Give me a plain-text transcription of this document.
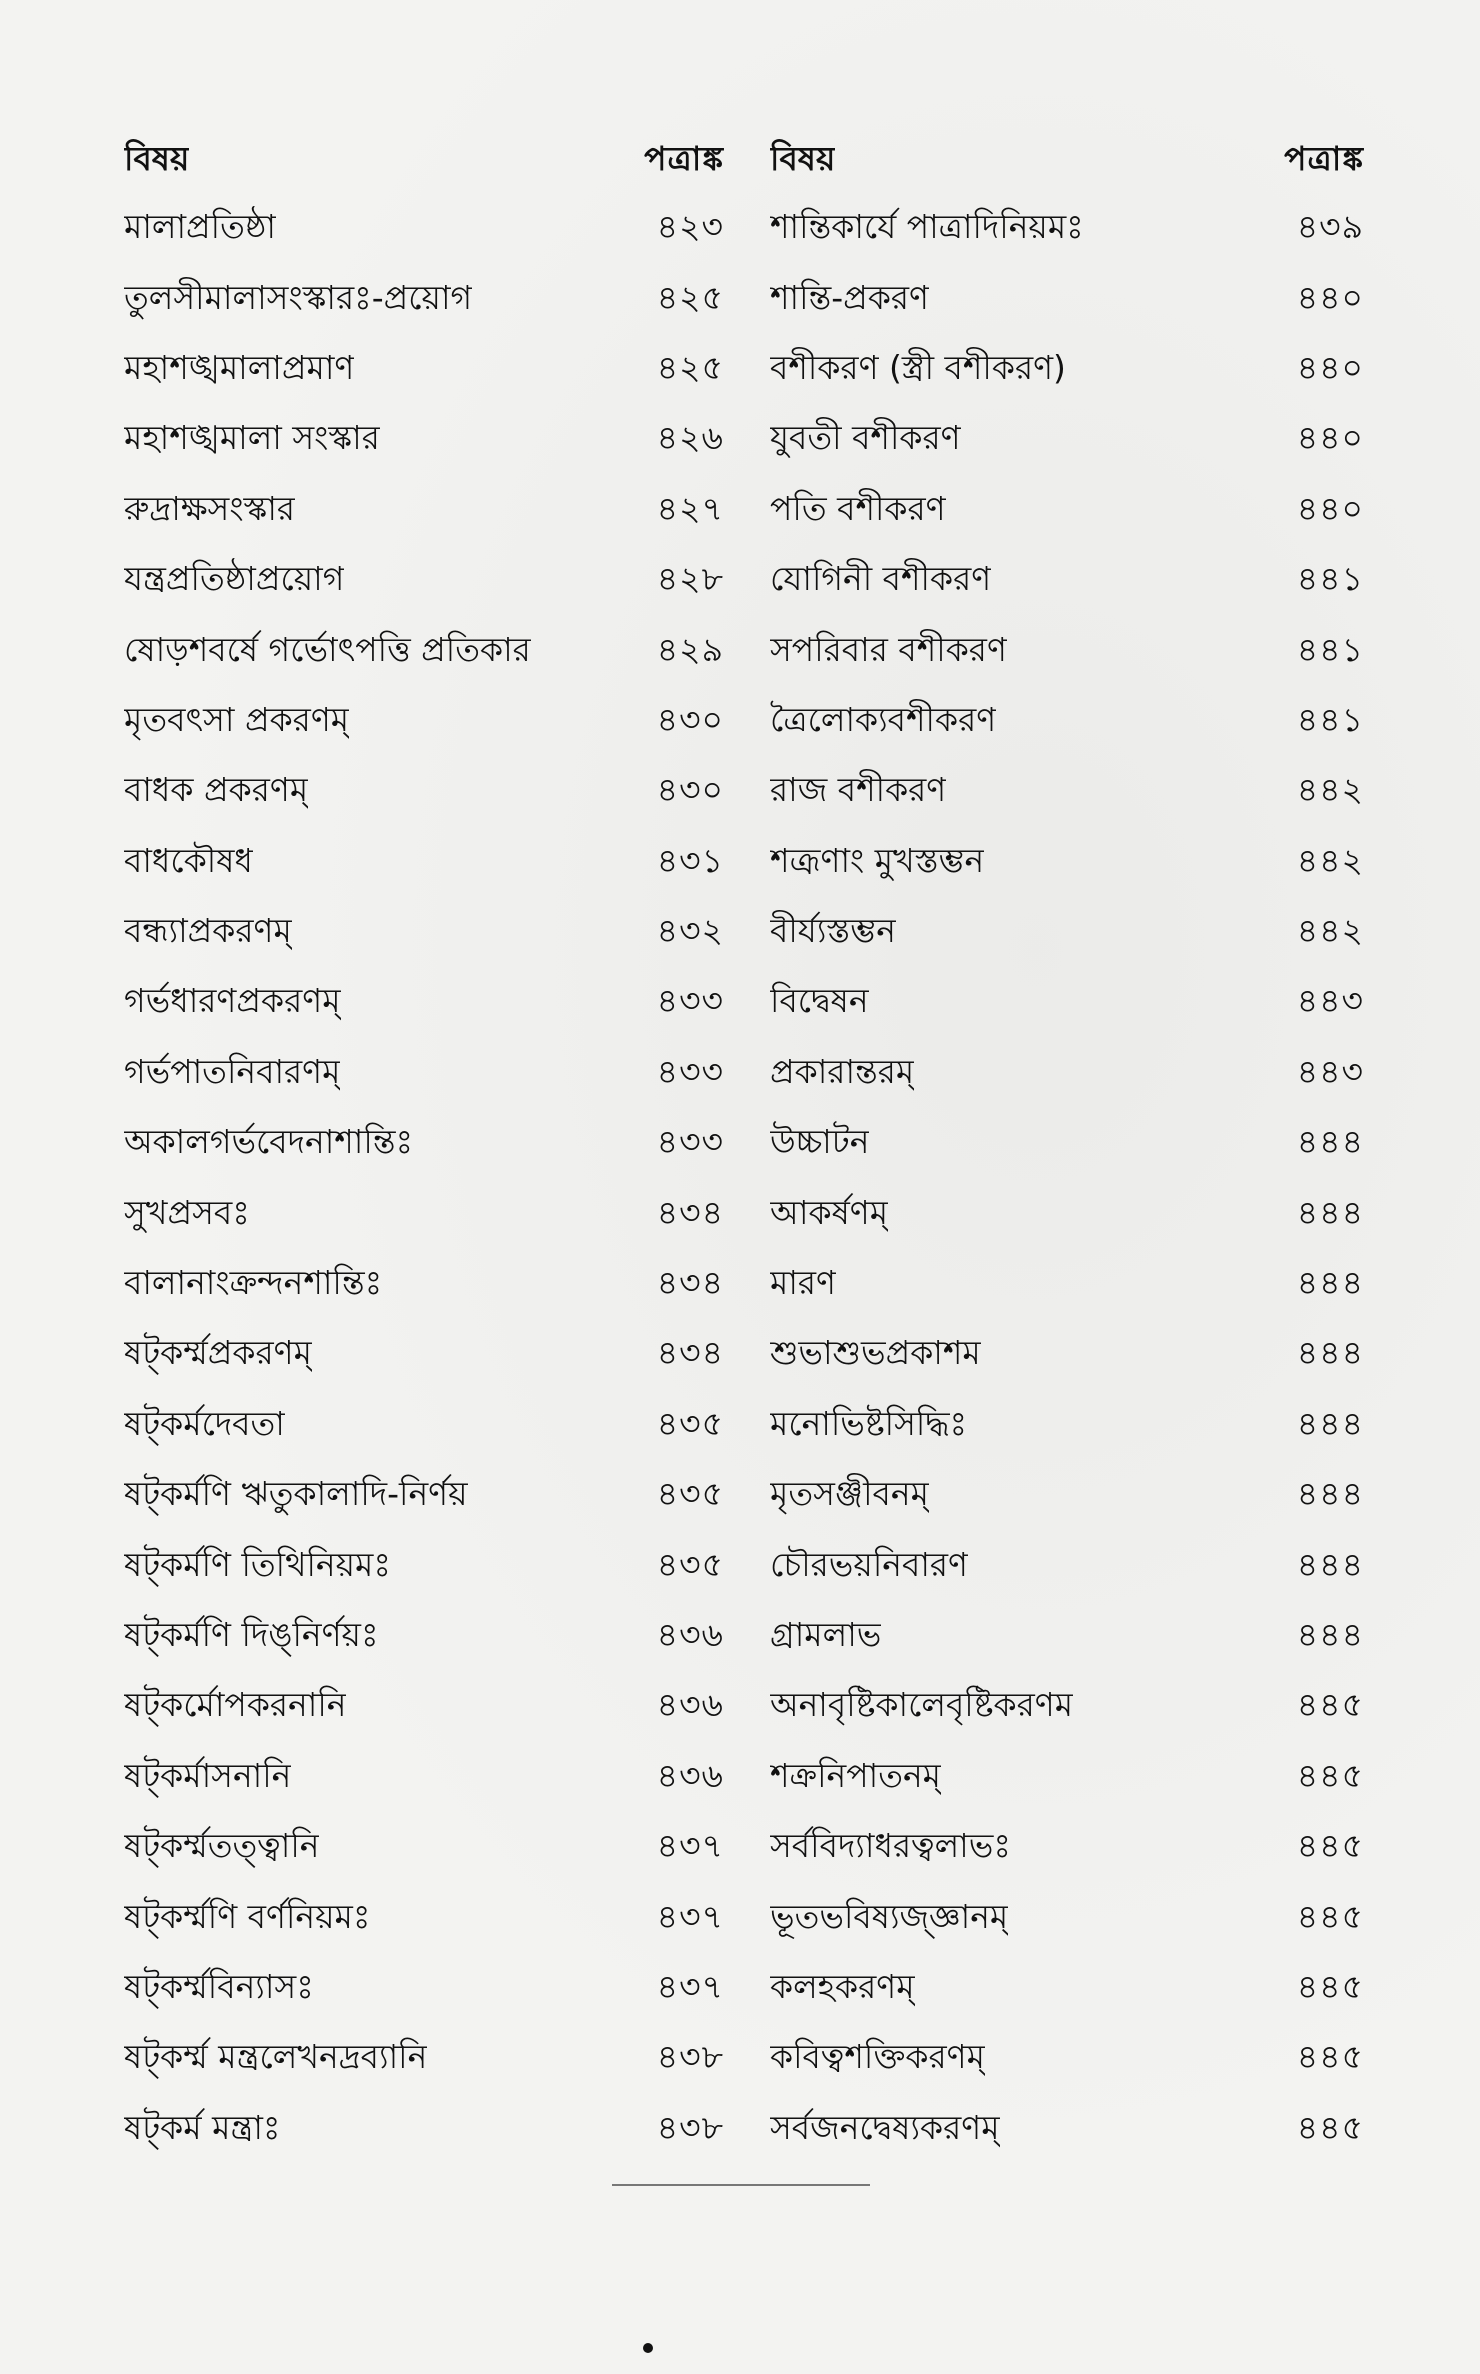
বিষয়	পত্রাঙ্ক বিষয়	পত্রাঙ্ক
মালাপ্রতিষ্ঠা	৪২৩ শান্তিকার্যে পাত্রাদিনিয়মঃ	৪৩৯
তুলসীমালাসংস্কারঃ-প্রয়োগ	৪২৫ শান্তি-প্রকরণ	৪৪০
মহাশঙ্খমালাপ্রমাণ	৪২৫ বশীকরণ (স্ত্রী বশীকরণ)	৪৪০
মহাশঙ্খমালা সংস্কার	৪২৬ যুবতী বশীকরণ	৪৪০
রুদ্রাক্ষসংস্কার	৪২৭ পতি বশীকরণ	৪৪০
যন্ত্রপ্রতিষ্ঠাপ্রয়োগ	৪২৮ যোগিনী বশীকরণ	৪৪১
ষোড়শবর্ষে গর্ভোৎপত্তি প্রতিকার	৪২৯ সপরিবার বশীকরণ	৪৪১
মৃতবৎসা প্রকরণম্	৪৩০ ত্রৈলোক্যবশীকরণ	৪৪১
বাধক প্রকরণম্	৪৩০ রাজ বশীকরণ	৪৪২
বাধকৌষধ	৪৩১ শত্রূণাং মুখস্তম্ভন	৪৪২
বন্ধ্যাপ্রকরণম্	৪৩২ বীর্য্যস্তম্ভন	৪৪২
গর্ভধারণপ্রকরণম্	৪৩৩ বিদ্বেষন	৪৪৩
গর্ভপাতনিবারণম্	৪৩৩ প্রকারান্তরম্	৪৪৩
অকালগর্ভবেদনাশান্তিঃ	৪৩৩ উচ্চাটন	৪৪৪
সুখপ্রসবঃ	৪৩৪ আকর্ষণম্	৪৪৪
বালানাংক্রন্দনশান্তিঃ	৪৩৪ মারণ	৪৪৪
ষট্‌কর্ম্মপ্রকরণম্	৪৩৪ শুভাশুভপ্রকাশম	৪৪৪
ষট্‌কর্মদেবতা	৪৩৫ মনোভিষ্টসিদ্ধিঃ	৪৪৪
ষট্‌কর্মণি ঋতুকালাদি-নির্ণয়	৪৩৫ মৃতসঞ্জীবনম্	৪৪৪
ষট্‌কর্মণি তিথিনিয়মঃ	৪৩৫ চৌরভয়নিবারণ	৪৪৪
ষট্‌কর্মণি দিঙ্‌নির্ণয়ঃ	৪৩৬ গ্রামলাভ	৪৪৪
ষট্‌কর্মোপকরনানি	৪৩৬ অনাবৃষ্টিকালেবৃষ্টিকরণম	৪৪৫
ষট্‌কর্মাসনানি	৪৩৬ শক্রনিপাতনম্	৪৪৫
ষট্‌কর্ম্মতত্ত্বানি	৪৩৭ সর্ববিদ্যাধরত্বলাভঃ	৪৪৫
ষট্‌কর্ম্মণি বর্ণনিয়মঃ	৪৩৭ ভূতভবিষ্যজ্জ্ঞানম্	৪৪৫
ষট্‌কর্ম্মবিন্যাসঃ	৪৩৭ কলহকরণম্	৪৪৫
ষট্‌কর্ম্ম মন্ত্রলেখনদ্রব্যানি	৪৩৮ কবিত্বশক্তিকরণম্	৪৪৫
ষট্‌কর্ম মন্ত্রাঃ	৪৩৮ সর্বজনদ্বেষ্যকরণম্	৪৪৫
